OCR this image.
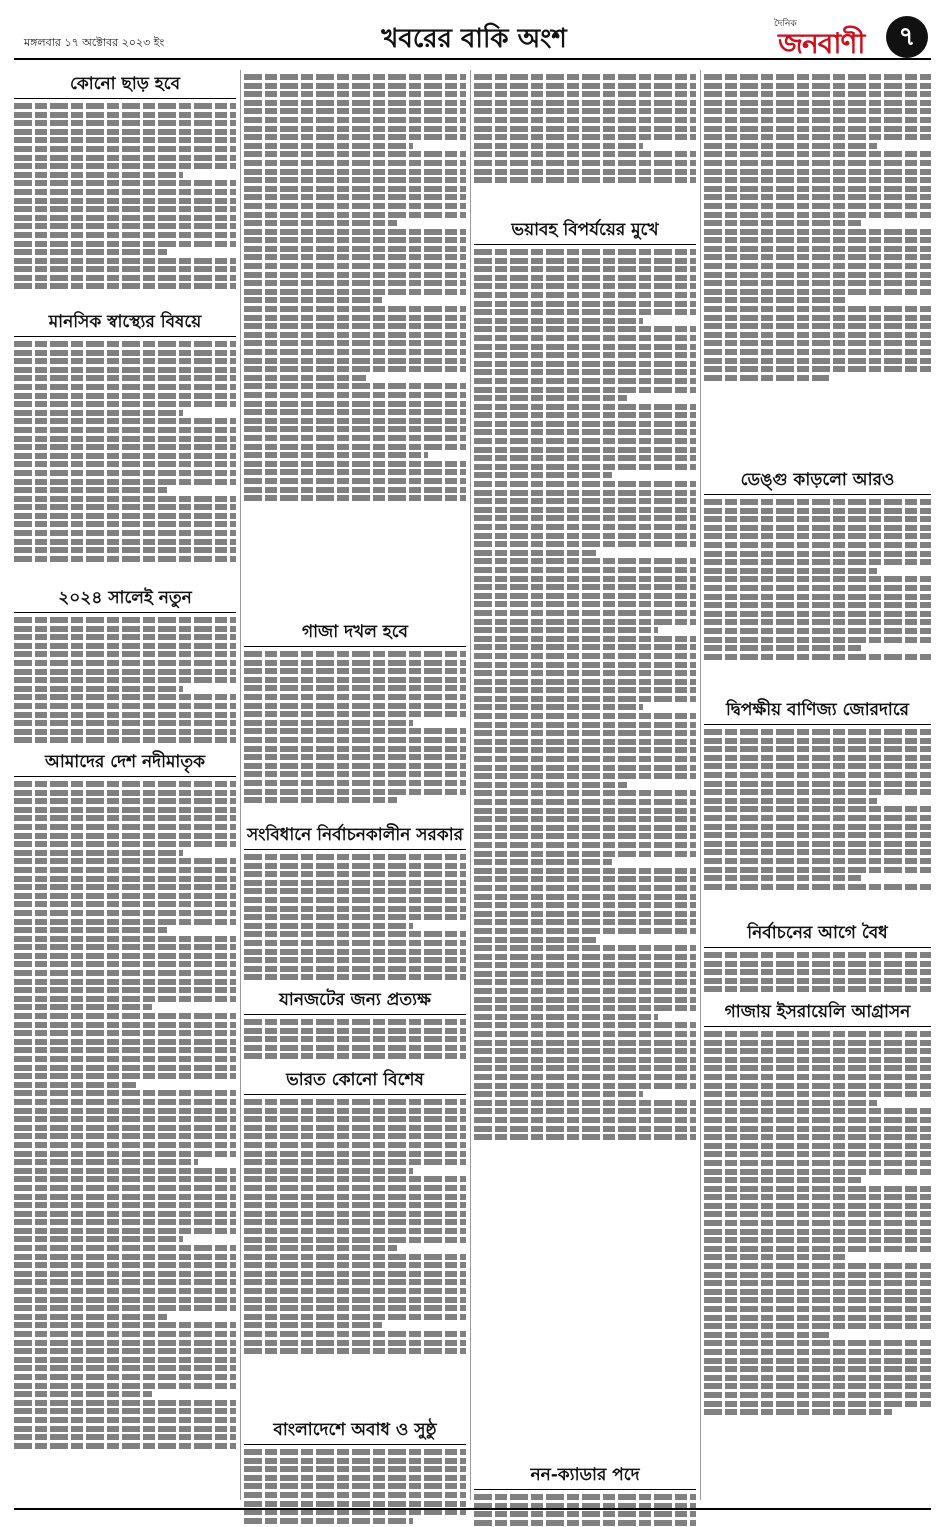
মঙ্গলবার ১৭ অক্টোবর ২০২৩ ইং	খবরের বাকি অংশ	দৈনিক
জনবাণী	৭
কোনো ছাড় হবে
মানসিক স্বাস্থ্যের বিষয়ে
২০২৪ সালেই নতুন
আমাদের দেশ নদীমাতৃক
গাজা দখল হবে
সংবিধানে নির্বাচনকালীন সরকার
যানজটের জন্য প্রত্যক্ষ
ভারত কোনো বিশেষ
বাংলাদেশে অবাধ ও সুষ্ঠু
ভয়াবহ বিপর্যয়ের মুখে
নন-ক্যাডার পদে
ডেঙ্গু কাড়লো আরও
দ্বিপক্ষীয় বাণিজ্য জোরদারে
নির্বাচনের আগে বৈধ
গাজায় ইসরায়েলি আগ্রাসন
